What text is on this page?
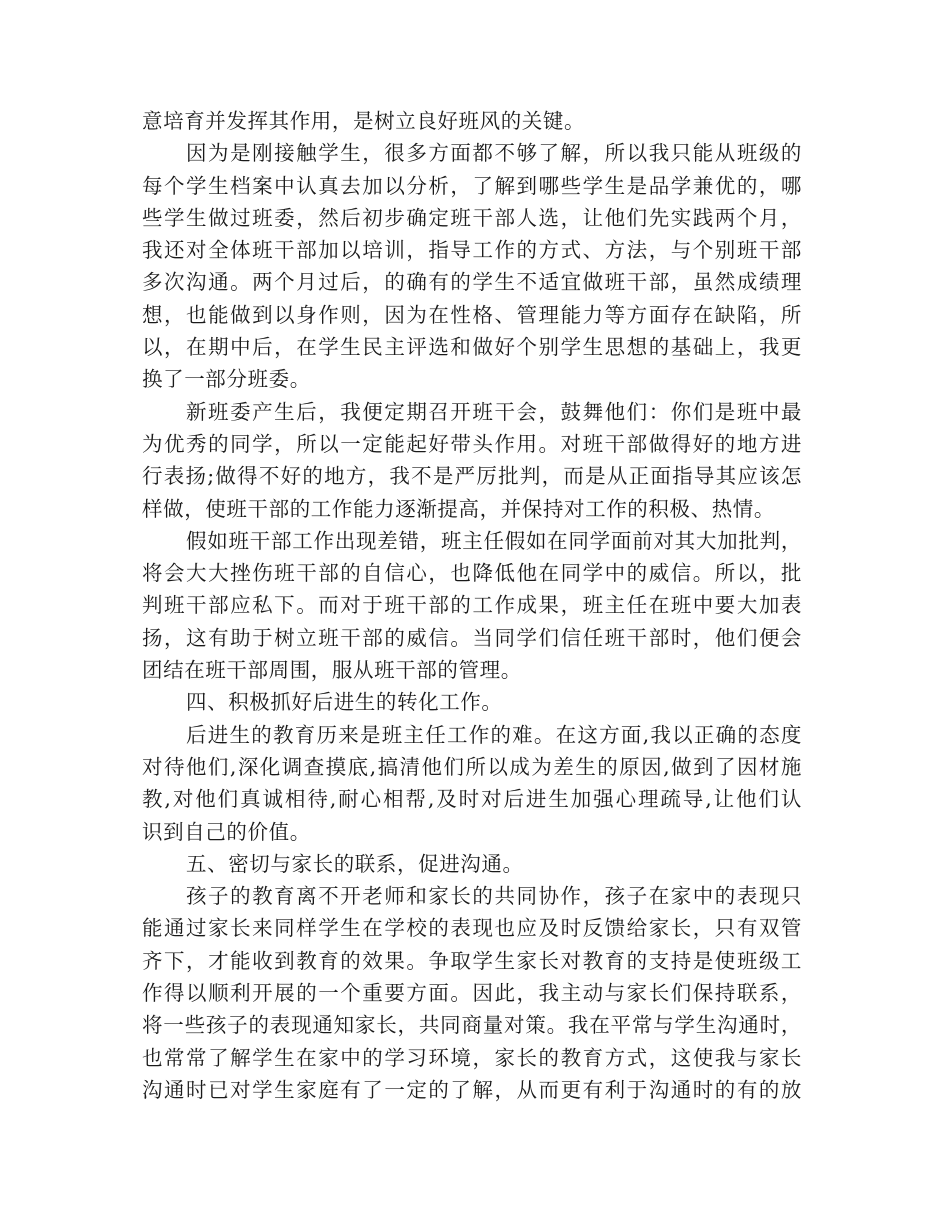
意培育并发挥其作用，是树立良好班风的关键。
因为是刚接触学生，很多方面都不够了解，所以我只能从班级的
每个学生档案中认真去加以分析，了解到哪些学生是品学兼优的，哪
些学生做过班委，然后初步确定班干部人选，让他们先实践两个月，
我还对全体班干部加以培训，指导工作的方式、方法，与个别班干部
多次沟通。两个月过后，的确有的学生不适宜做班干部，虽然成绩理
想，也能做到以身作则，因为在性格、管理能力等方面存在缺陷，所
以，在期中后，在学生民主评选和做好个别学生思想的基础上，我更
换了一部分班委。
新班委产生后，我便定期召开班干会，鼓舞他们：你们是班中最
为优秀的同学，所以一定能起好带头作用。对班干部做得好的地方进
行表扬;做得不好的地方，我不是严厉批判，而是从正面指导其应该怎
样做，使班干部的工作能力逐渐提高，并保持对工作的积极、热情。
假如班干部工作出现差错，班主任假如在同学面前对其大加批判，
将会大大挫伤班干部的自信心，也降低他在同学中的威信。所以，批
判班干部应私下。而对于班干部的工作成果，班主任在班中要大加表
扬，这有助于树立班干部的威信。当同学们信任班干部时，他们便会
团结在班干部周围，服从班干部的管理。
四、积极抓好后进生的转化工作。
后进生的教育历来是班主任工作的难。在这方面,我以正确的态度
对待他们,深化调查摸底,搞清他们所以成为差生的原因,做到了因材施
教,对他们真诚相待,耐心相帮,及时对后进生加强心理疏导,让他们认
识到自己的价值。
五、密切与家长的联系，促进沟通。
孩子的教育离不开老师和家长的共同协作，孩子在家中的表现只
能通过家长来同样学生在学校的表现也应及时反馈给家长，只有双管
齐下，才能收到教育的效果。争取学生家长对教育的支持是使班级工
作得以顺利开展的一个重要方面。因此，我主动与家长们保持联系，
将一些孩子的表现通知家长，共同商量对策。我在平常与学生沟通时，
也常常了解学生在家中的学习环境，家长的教育方式，这使我与家长
沟通时已对学生家庭有了一定的了解，从而更有利于沟通时的有的放
